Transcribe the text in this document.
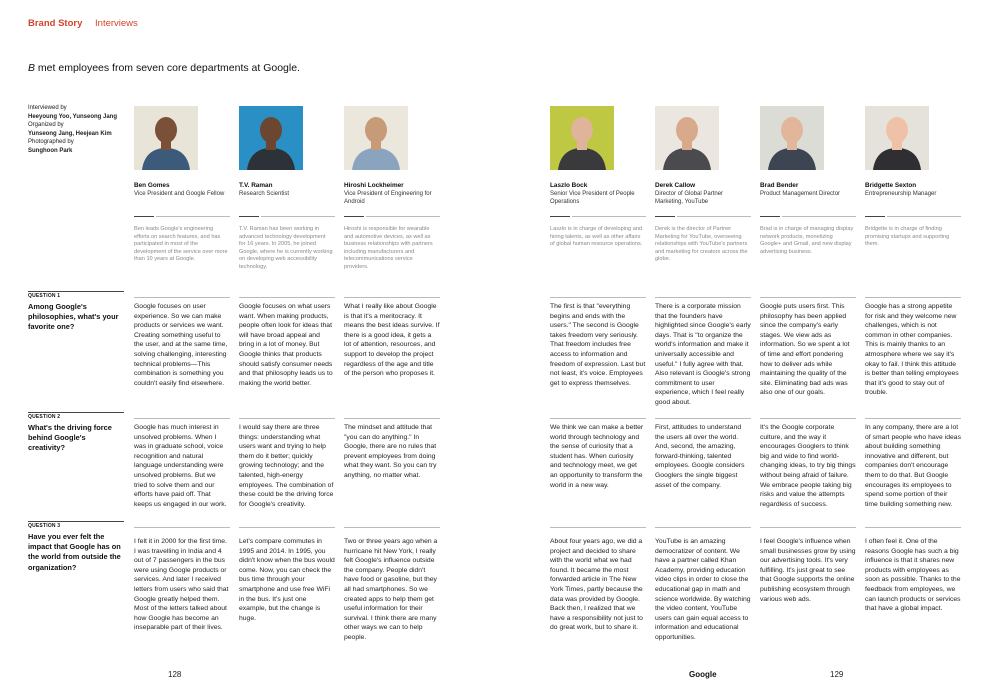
Brand Story Interviews
B met employees from seven core departments at Google.
Interviewed by
Heeyoung Yoo, Yunseong Jang
Organized by
Yunseong Jang, Heejean Kim
Photographed by
Sunghoon Park
Ben Gomes
Vice President and Google Fellow
Ben leads Google's engineering efforts on search features, and has participated in most of the development of the service over more than 10 years at Google.
T.V. Raman
Research Scientist
T.V. Raman has been working in advanced technology development for 16 years. In 2005, he joined Google, where he is currently working on developing web accessibility technology.
Hiroshi Lockheimer
Vice President of Engineering for Android
Hiroshi is responsible for wearable and automotive devices, as well as business relationships with partners including manufacturers and telecommunications service providers.
Laszlo Bock
Senior Vice President of People Operations
Laszlo is in charge of developing and hiring talents, as well as other affairs of global human resource operations.
Derek Callow
Director of Global Partner Marketing, YouTube
Derek is the director of Partner Marketing for YouTube, overseeing relationships with YouTube's partners and marketing for creators across the globe.
Brad Bender
Product Management Director
Brad is in charge of managing display network products, monetizing Google+ and Gmail, and new display advertising business.
Bridgette Sexton
Entrepreneurship Manager
Bridgette is in charge of finding promising startups and supporting them.
QUESTION 1
Among Google's philosophies, what's your favorite one?
Google focuses on user experience. So we can make products or services we want. Creating something useful to the user, and at the same time, solving challenging, interesting technical problems—This combination is something you couldn't easily find elsewhere.
Google focuses on what users want. When making products, people often look for ideas that will have broad appeal and bring in a lot of money. But Google thinks that products should satisfy consumer needs and that philosophy leads us to making the world better.
What I really like about Google is that it's a meritocracy. It means the best ideas survive. If there is a good idea, it gets a lot of attention, resources, and support to develop the project regardless of the age and title of the person who proposes it.
The first is that "everything begins and ends with the users." The second is Google takes freedom very seriously. That freedom includes free access to information and freedom of expression. Last but not least, it's voice. Employees get to express themselves.
There is a corporate mission that the founders have highlighted since Google's early days. That is "to organize the world's information and make it universally accessible and useful." I fully agree with that. Also relevant is Google's strong commitment to user experience, which I feel really good about.
Google puts users first. This philosophy has been applied since the company's early stages. We view ads as information. So we spent a lot of time and effort pondering how to deliver ads while maintaining the quality of the site. Eliminating bad ads was also one of our goals.
Google has a strong appetite for risk and they welcome new challenges, which is not common in other companies. This is mainly thanks to an atmosphere where we say it's okay to fail. I think this attitude is better than telling employees that it's good to stay out of trouble.
QUESTION 2
What's the driving force behind Google's creativity?
Google has much interest in unsolved problems. When I was in graduate school, voice recognition and natural language understanding were unsolved problems. But we tried to solve them and our efforts have paid off. That keeps us engaged in our work.
I would say there are three things: understanding what users want and trying to help them do it better; quickly growing technology; and the talented, high-energy employees. The combination of these could be the driving force for Google's creativity.
The mindset and attitude that "you can do anything." In Google, there are no rules that prevent employees from doing what they want. So you can try anything, no matter what.
We think we can make a better world through technology and the sense of curiosity that a student has. When curiosity and technology meet, we get an opportunity to transform the world in a new way.
First, attitudes to understand the users all over the world. And, second, the amazing, forward-thinking, talented employees. Google considers Googlers the single biggest asset of the company.
It's the Google corporate culture, and the way it encourages Googlers to think big and wide to find world-changing ideas, to try big things without being afraid of failure. We embrace people taking big risks and value the attempts regardless of success.
In any company, there are a lot of smart people who have ideas about building something innovative and different, but companies don't encourage them to do that. But Google encourages its employees to spend some portion of their time building something new.
QUESTION 3
Have you ever felt the impact that Google has on the world from outside the organization?
I felt it in 2000 for the first time. I was travelling in India and 4 out of 7 passengers in the bus were using Google products or services. And later I received letters from users who said that Google greatly helped them. Most of the letters talked about how Google has become an inseparable part of their lives.
Let's compare commutes in 1995 and 2014. In 1995, you didn't know when the bus would come. Now, you can check the bus time through your smartphone and use free WiFi in the bus. It's just one example, but the change is huge.
Two or three years ago when a hurricane hit New York, I really felt Google's influence outside the company. People didn't have food or gasoline, but they all had smartphones. So we created apps to help them get useful information for their survival. I think there are many other ways we can to help people.
About four years ago, we did a project and decided to share with the world what we had found. It became the most forwarded article in The New York Times, partly because the data was provided by Google. Back then, I realized that we have a responsibility not just to do great work, but to share it.
YouTube is an amazing democratizer of content. We have a partner called Khan Academy, providing education video clips in order to close the educational gap in math and science worldwide. By watching the video content, YouTube users can gain equal access to information and educational opportunities.
I feel Google's influence when small businesses grow by using our advertising tools. It's very fulfilling. It's just great to see that Google supports the online publishing ecosystem through various web ads.
I often feel it. One of the reasons Google has such a big influence is that it shares new products with employees as soon as possible. Thanks to the feedback from employees, we can launch products or services that have a global impact.
128	Google	129
